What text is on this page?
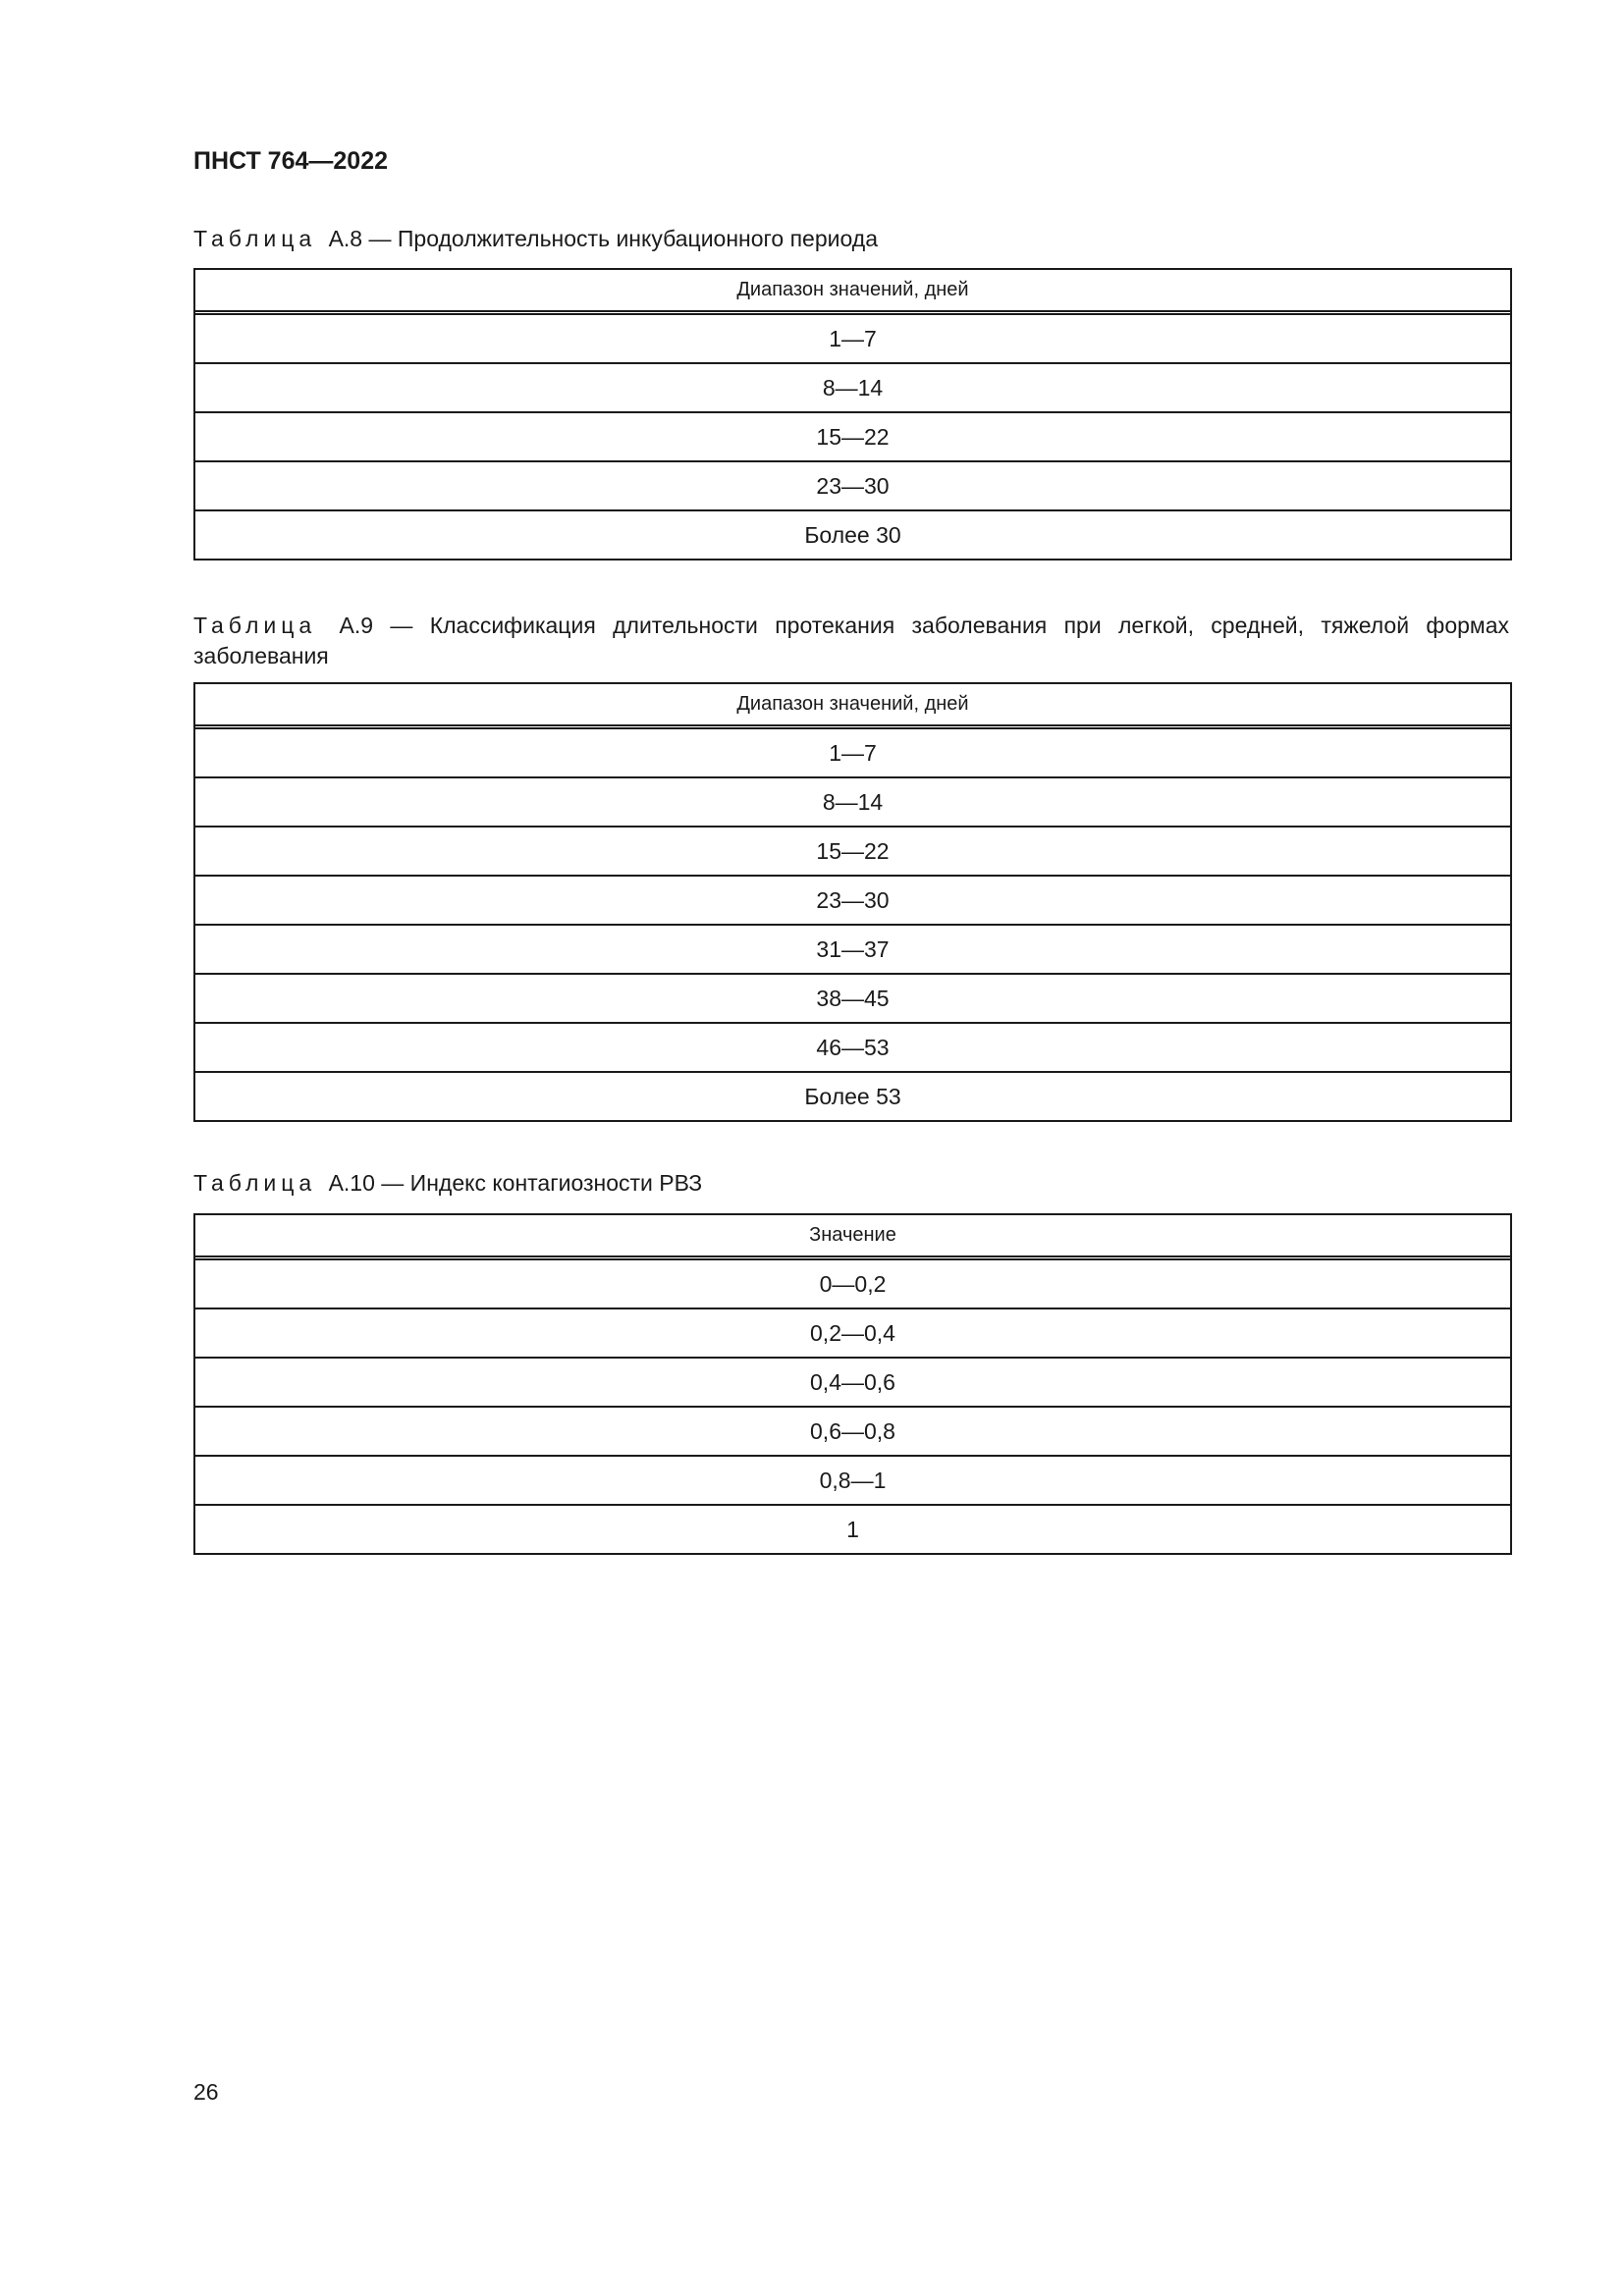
ПНСТ 764—2022

Таблица А.8 — Продолжительность инкубационного периода

Диапазон значений, дней
1—7
8—14
15—22
23—30
Более 30

Таблица А.9 — Классификация длительности протекания заболевания при легкой, средней, тяжелой формах заболевания

Диапазон значений, дней
1—7
8—14
15—22
23—30
31—37
38—45
46—53
Более 53

Таблица А.10 — Индекс контагиозности РВЗ

Значение
0—0,2
0,2—0,4
0,4—0,6
0,6—0,8
0,8—1
1

26
